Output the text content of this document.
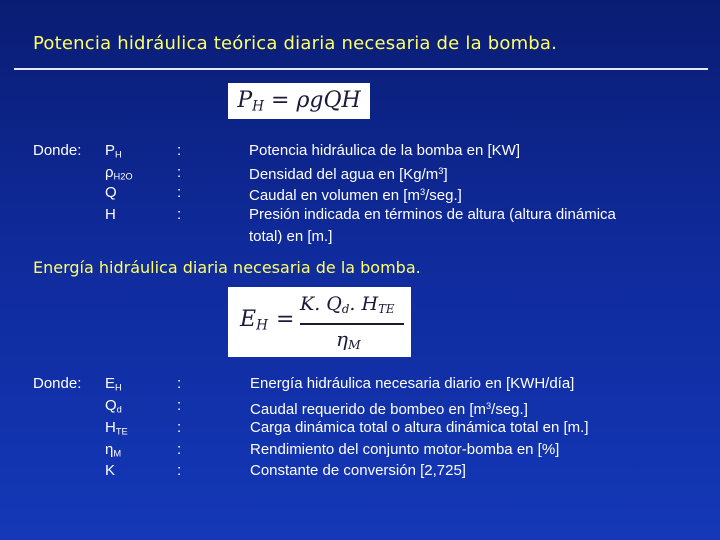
Potencia hidráulica teórica diaria necesaria de la bomba.
$P_H = \rho gQH$
Donde: $P_H$
$\rho_{H2O}$
Q
H
:
:
:
:
Potencia hidráulica de la bomba en [KW]
Densidad del agua en $[Kg/m^3]$
Caudal en volumen en $[m^3/seg.]$
Presión indicada en términos de altura (altura dinámica
total) en [m.]
Energía hidráulica diaria necesaria de la bomba.
$E_H$ =
K. $Q_d$. $H_{TE}$
$\eta_M$
Donde: $E_H$
$Q_d$
$H_{TE}$
$\eta_M$
K
:
:
:
:
:
Energía hidráulica necesaria diario en [KWH/día]
Caudal requerido de bombeo en $[m^3/seg.]$
Carga dinámica total o altura dinámica total en [m.]
Rendimiento del conjunto motor-bomba en [%]
Constante de conversión [2,725]
